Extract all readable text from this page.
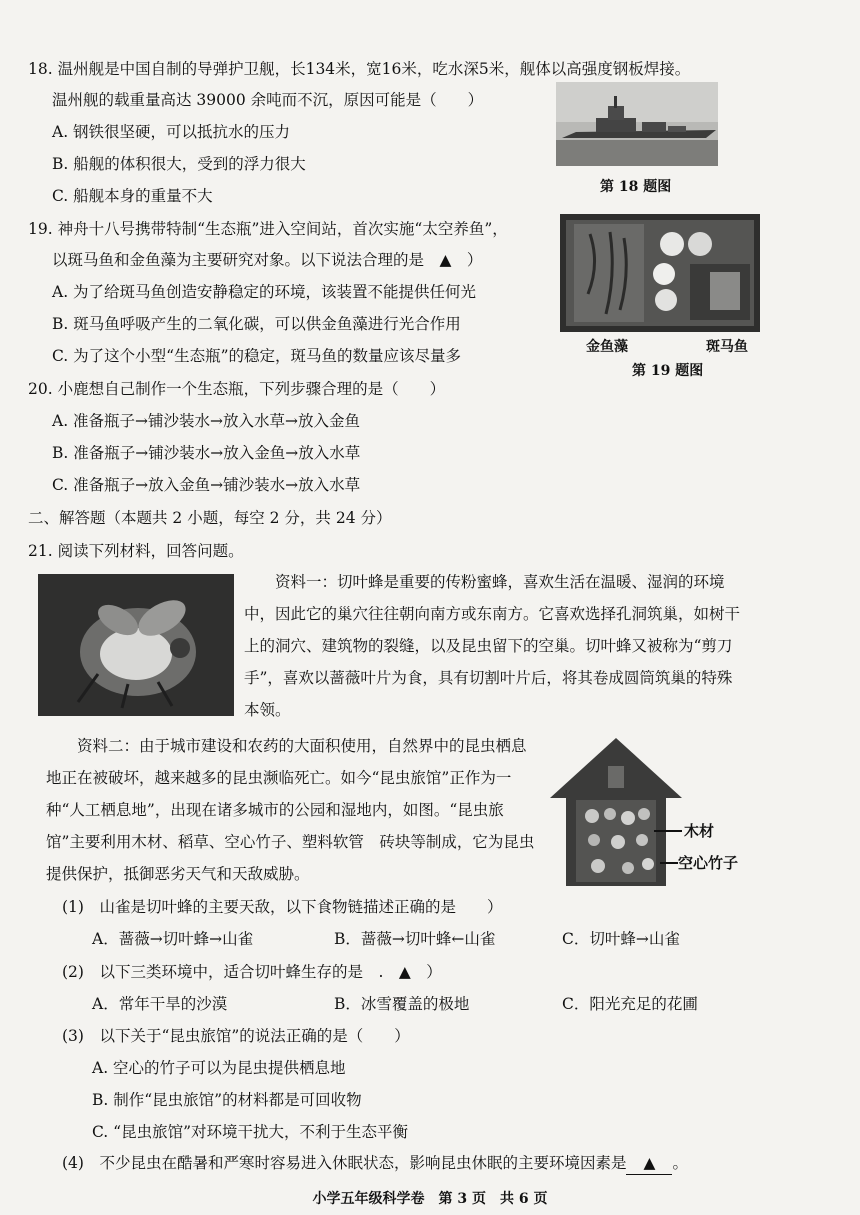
18. 温州舰是中国自制的导弹护卫舰，长134米，宽16米，吃水深5米，舰体以高强度钢板焊接。
温州舰的载重量高达 39000 余吨而不沉，原因可能是（　　）
A. 钢铁很坚硬，可以抵抗水的压力
B. 船舰的体积很大，受到的浮力很大
C. 船舰本身的重量不大	第 18 题图
19. 神舟十八号携带特制“生态瓶”进入空间站，首次实施“太空养鱼”，
以斑马鱼和金鱼藻为主要研究对象。以下说法合理的是　▲　）
A. 为了给斑马鱼创造安静稳定的环境，该装置不能提供任何光
B. 斑马鱼呼吸产生的二氧化碳，可以供金鱼藻进行光合作用
C. 为了这个小型“生态瓶”的稳定，斑马鱼的数量应该尽量多	金鱼藻	斑马鱼
第 19 题图
20. 小鹿想自己制作一个生态瓶，下列步骤合理的是（　　）
A. 准备瓶子→铺沙装水→放入水草→放入金鱼
B. 准备瓶子→铺沙装水→放入金鱼→放入水草
C. 准备瓶子→放入金鱼→铺沙装水→放入水草
二、解答题（本题共 2 小题，每空 2 分，共 24 分）
21. 阅读下列材料，回答问题。
资料一：切叶蜂是重要的传粉蜜蜂，喜欢生活在温暖、湿润的环境中，因此它的巢穴往往朝向南方或东南方。它喜欢选择孔洞筑巢，如树干上的洞穴、建筑物的裂缝，以及昆虫留下的空巢。切叶蜂又被称为“剪刀手”，喜欢以蔷薇叶片为食，具有切割叶片后，将其卷成圆筒筑巢的特殊本领。
资料二：由于城市建设和农药的大面积使用，自然界中的昆虫栖息地正在被破坏，越来越多的昆虫濒临死亡。如今“昆虫旅馆”正作为一种“人工栖息地”，出现在诸多城市的公园和湿地内，如图。“昆虫旅馆”主要利用木材、稻草、空心竹子、塑料软管　砖块等制成，它为昆虫提供保护，抵御恶劣天气和天敌威胁。
木材
空心竹子
(1)　山雀是切叶蜂的主要天敌，以下食物链描述正确的是　　）
A．蔷薇→切叶蜂→山雀	B．蔷薇→切叶蜂←山雀	C．切叶蜂→山雀
(2)　以下三类环境中，适合切叶蜂生存的是　.　▲　）
A．常年干旱的沙漠	B．冰雪覆盖的极地	C．阳光充足的花圃
(3)　以下关于“昆虫旅馆”的说法正确的是（　　）
A. 空心的竹子可以为昆虫提供栖息地
B. 制作“昆虫旅馆”的材料都是可回收物
C. “昆虫旅馆”对环境干扰大，不利于生态平衡
(4)　不少昆虫在酷暑和严寒时容易进入休眠状态，影响昆虫休眠的主要环境因素是 ▲ 。
小学五年级科学卷　第 3 页　共 6 页
